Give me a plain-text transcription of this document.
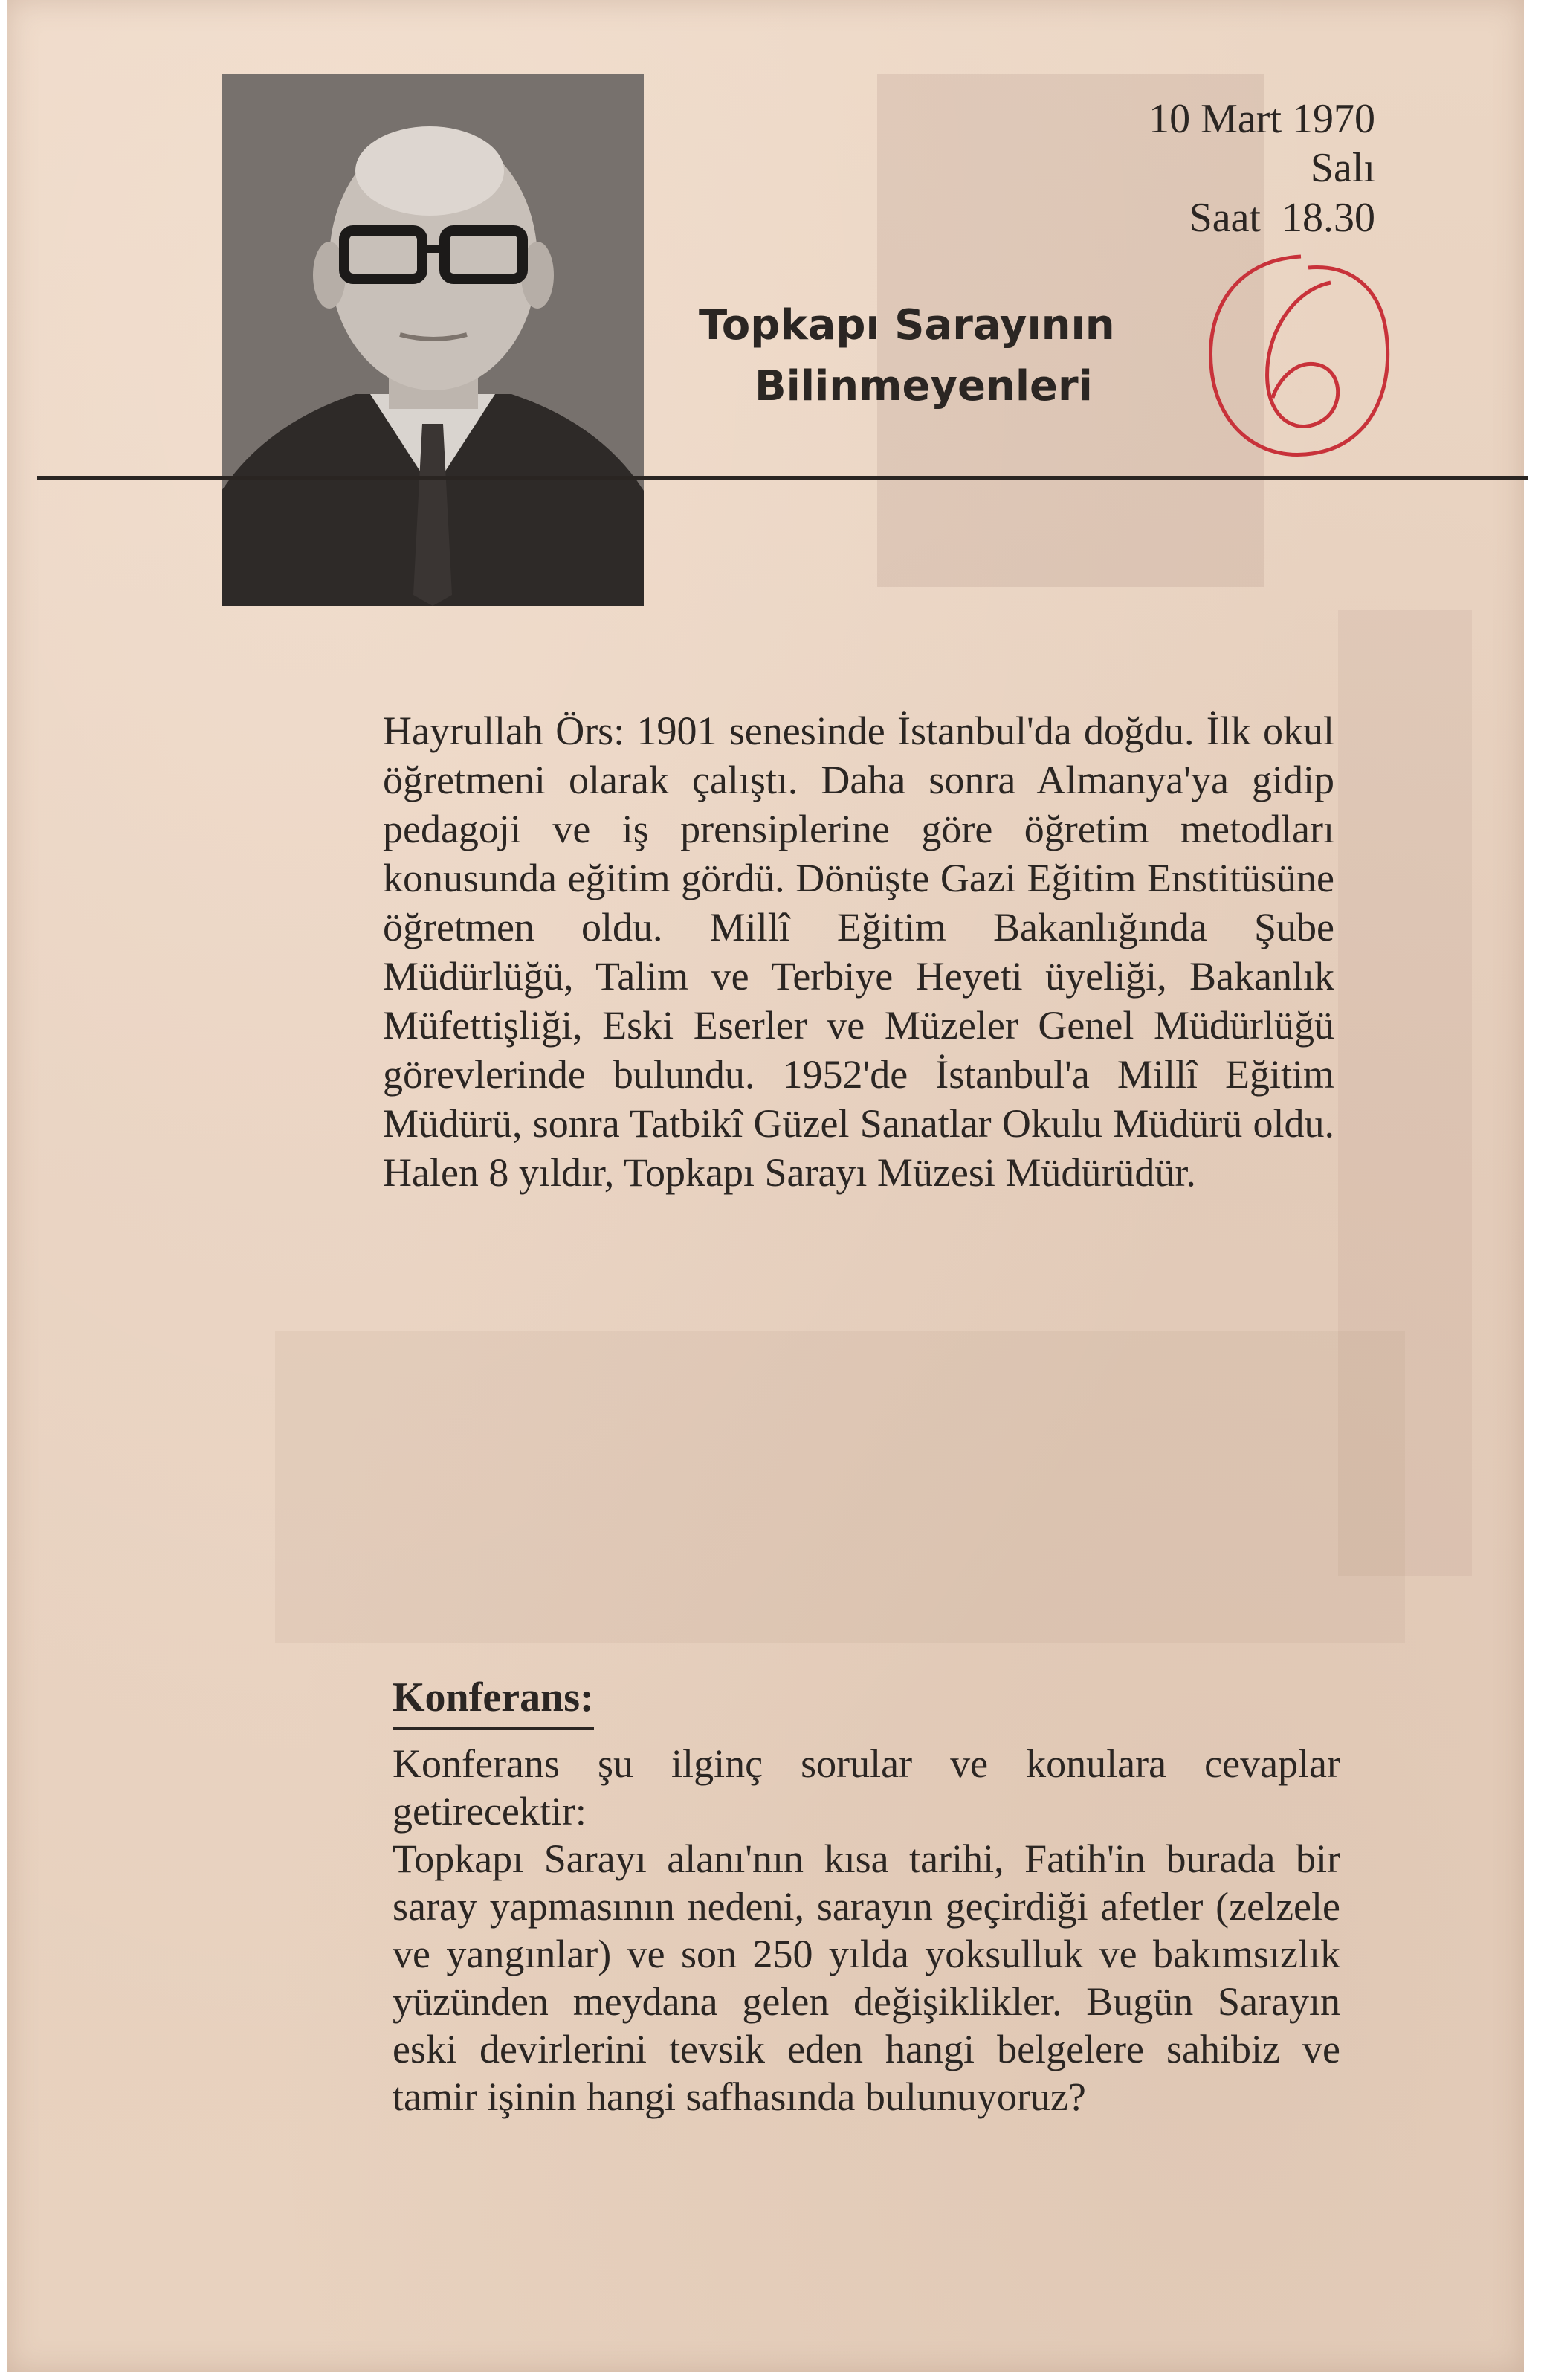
10 Mart 1970
Salı
Saat  18.30
Topkapı Sarayının
Bilinmeyenleri
Hayrullah Örs: 1901 senesinde İstanbul'da doğdu. İlk okul öğretmeni olarak çalıştı. Daha sonra Almanya'ya gidip pedagoji ve iş prensiplerine göre öğretim metodları konusunda eğitim gördü. Dönüşte Gazi Eğitim Enstitüsüne öğretmen oldu. Millî Eğitim Bakanlığında Şube Müdürlüğü, Talim ve Terbiye Heyeti üyeliği, Bakanlık Müfettişliği, Eski Eserler ve Müzeler Genel Müdürlüğü görevlerinde bulundu. 1952'de İstanbul'a Millî Eğitim Müdürü, sonra Tatbikî Güzel Sanatlar Okulu Müdürü oldu. Halen 8 yıldır, Topkapı Sarayı Müzesi Müdürüdür.
Konferans:

Konferans şu ilginç sorular ve konulara cevaplar getirecektir:

Topkapı Sarayı alanı'nın kısa tarihi, Fatih'in burada bir saray yapmasının nedeni, sarayın geçirdiği afetler (zelzele ve yangınlar) ve son 250 yılda yoksulluk ve bakımsızlık yüzünden meydana gelen değişiklikler. Bugün Sarayın eski devirlerini tevsik eden hangi belgelere sahibiz ve tamir işinin hangi safhasında bulunuyoruz?
